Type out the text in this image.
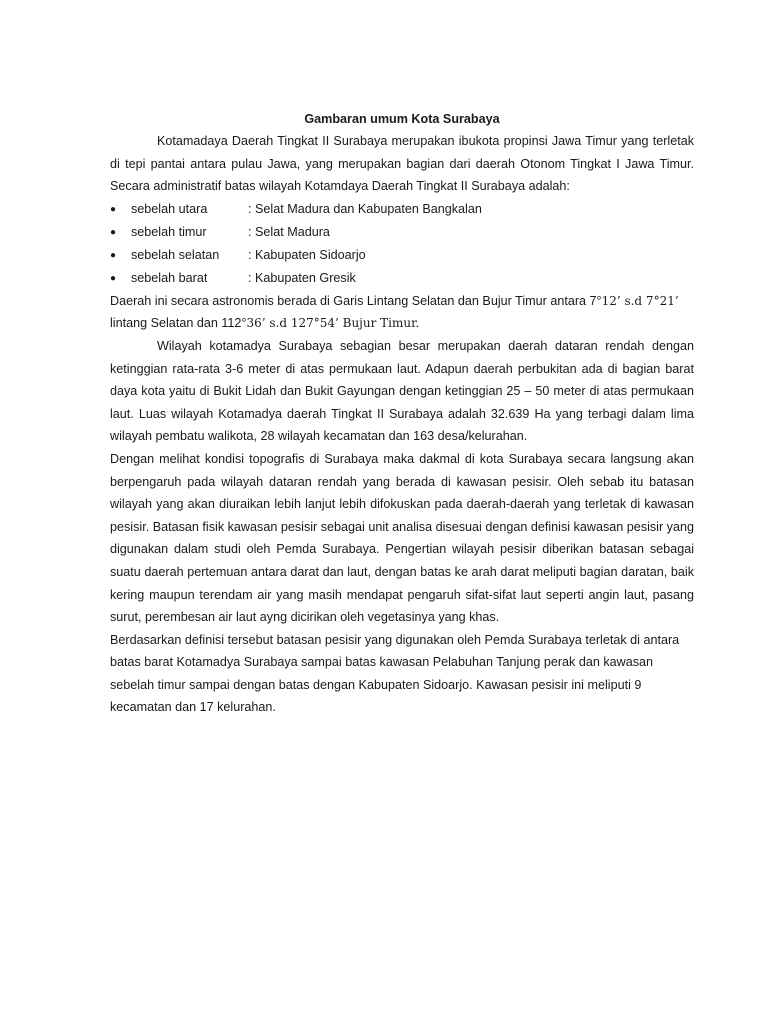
Gambaran umum Kota Surabaya

Kotamadaya Daerah Tingkat II Surabaya merupakan ibukota propinsi Jawa Timur yang terletak di tepi pantai antara pulau Jawa, yang merupakan bagian dari daerah Otonom Tingkat I Jawa Timur. Secara administratif batas wilayah Kotamdaya Daerah Tingkat II Surabaya adalah:

● sebelah utara	: Selat Madura dan Kabupaten Bangkalan
● sebelah timur	: Selat Madura
● sebelah selatan : Kabupaten Sidoarjo
● sebelah barat	: Kabupaten Gresik

Daerah ini secara astronomis berada di Garis Lintang Selatan dan Bujur Timur antara 7°12’ s.d 7°21’ lintang Selatan dan 112°36’ s.d 127°54’ Bujur Timur.

Wilayah kotamadya Surabaya sebagian besar merupakan daerah dataran rendah dengan ketinggian rata-rata 3-6 meter di atas permukaan laut. Adapun daerah perbukitan ada di bagian barat daya kota yaitu di Bukit Lidah dan Bukit Gayungan dengan ketinggian 25 – 50 meter di atas permukaan laut. Luas wilayah Kotamadya daerah Tingkat II Surabaya adalah 32.639 Ha yang terbagi dalam lima wilayah pembatu walikota, 28 wilayah kecamatan dan 163 desa/kelurahan.

Dengan melihat kondisi topografis di Surabaya maka dakmal di kota Surabaya secara langsung akan berpengaruh pada wilayah dataran rendah yang berada di kawasan pesisir. Oleh sebab itu batasan wilayah yang akan diuraikan lebih lanjut lebih difokuskan pada daerah-daerah yang terletak di kawasan pesisir. Batasan fisik kawasan pesisir sebagai unit analisa disesuai dengan definisi kawasan pesisir yang digunakan dalam studi oleh Pemda Surabaya. Pengertian wilayah pesisir diberikan batasan sebagai suatu daerah pertemuan antara darat dan laut, dengan batas ke arah darat meliputi bagian daratan, baik kering maupun terendam air yang masih mendapat pengaruh sifat-sifat laut seperti angin laut, pasang surut, perembesan air laut ayng dicirikan oleh vegetasinya yang khas.

Berdasarkan definisi tersebut batasan pesisir yang digunakan oleh Pemda Surabaya terletak di antara batas barat Kotamadya Surabaya sampai batas kawasan Pelabuhan Tanjung perak dan kawasan sebelah timur sampai dengan batas dengan Kabupaten Sidoarjo. Kawasan pesisir ini meliputi 9 kecamatan dan 17 kelurahan.
